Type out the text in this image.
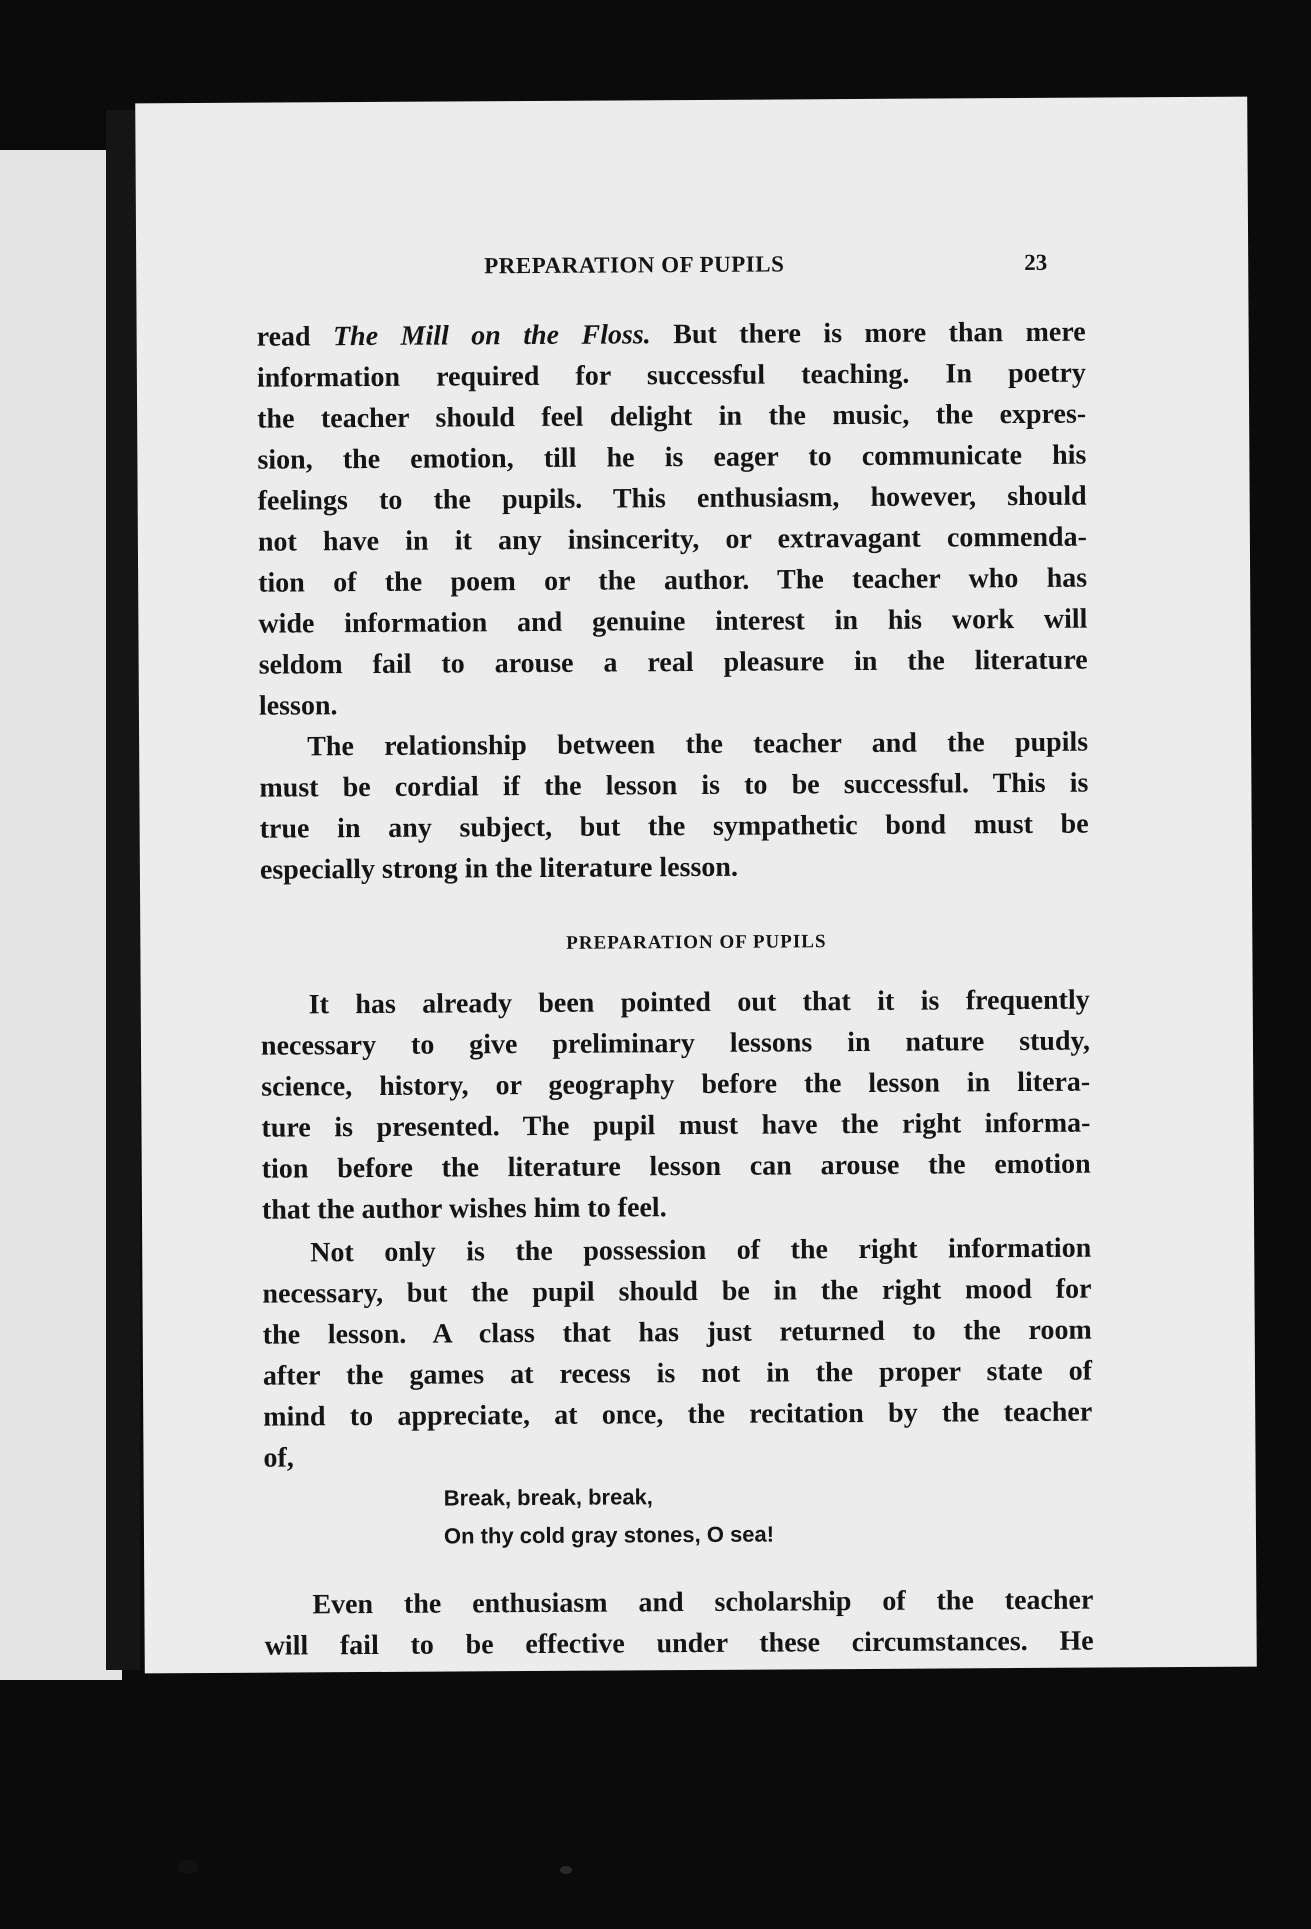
PREPARATION OF PUPILS	23
read The Mill on the Floss. But there is more than mere
information required for successful teaching. In poetry
the teacher should feel delight in the music, the expres-
sion, the emotion, till he is eager to communicate his
feelings to the pupils. This enthusiasm, however, should
not have in it any insincerity, or extravagant commenda-
tion of the poem or the author. The teacher who has
wide information and genuine interest in his work will
seldom fail to arouse a real pleasure in the literature
lesson.
The relationship between the teacher and the pupils
must be cordial if the lesson is to be successful. This is
true in any subject, but the sympathetic bond must be
especially strong in the literature lesson.
PREPARATION OF PUPILS
It has already been pointed out that it is frequently
necessary to give preliminary lessons in nature study,
science, history, or geography before the lesson in litera-
ture is presented. The pupil must have the right informa-
tion before the literature lesson can arouse the emotion
that the author wishes him to feel.
Not only is the possession of the right information
necessary, but the pupil should be in the right mood for
the lesson. A class that has just returned to the room
after the games at recess is not in the proper state of
mind to appreciate, at once, the recitation by the teacher
of,
Break, break, break,
On thy cold gray stones, O sea!
Even the enthusiasm and scholarship of the teacher
will fail to be effective under these circumstances. He
